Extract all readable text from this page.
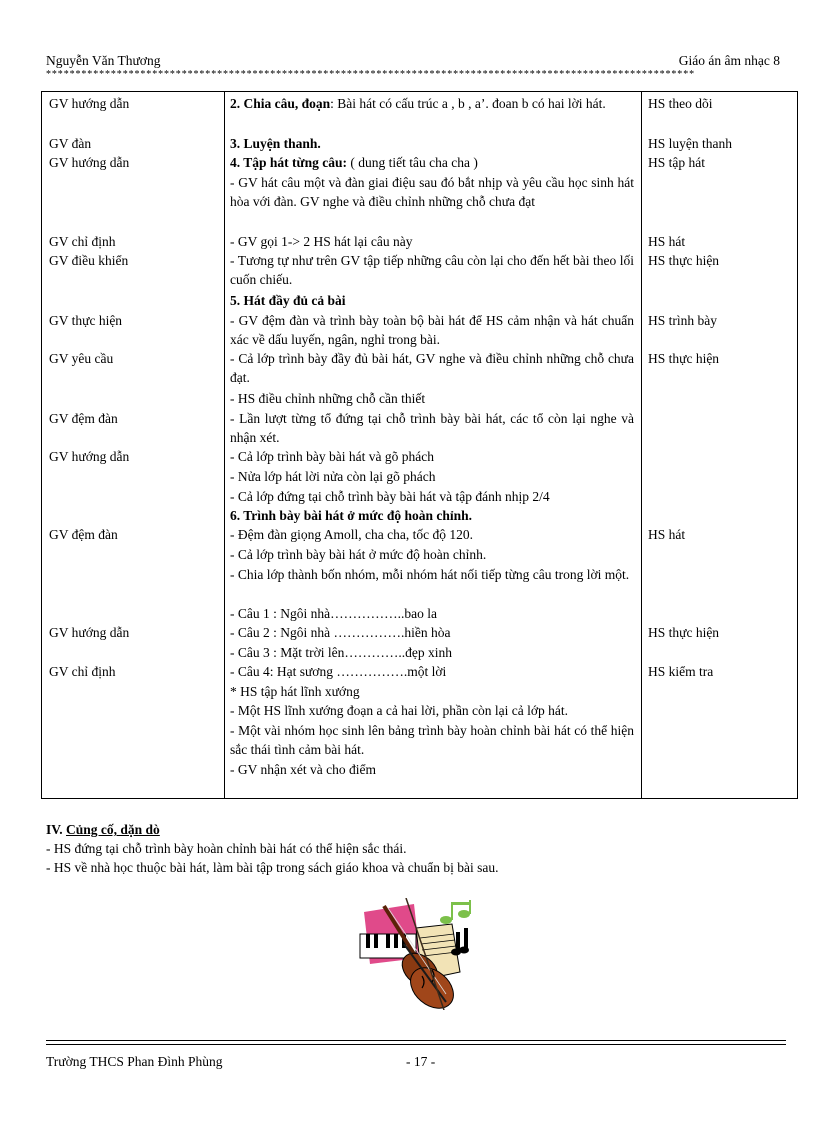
Nguyễn Văn Thương	Giáo án âm nhạc 8
**************************************************************************************************************
GV hướng dẫn
GV đàn
GV hướng dẫn
GV chỉ định
GV điều khiển
GV thực hiện
GV yêu cầu
GV đệm đàn
GV hướng dẫn
GV đệm đàn
GV hướng dẫn
GV chỉ định
2. Chia câu, đoạn: Bài hát có cấu trúc a , b , a’. đoan b có hai lời hát.
3. Luyện thanh.
4. Tập hát từng câu: ( dung tiết tâu cha cha )
- GV hát câu một và đàn giai điệu sau đó bắt nhịp và yêu cầu học sinh hát hòa với đàn. GV nghe và điều chỉnh những chỗ chưa đạt
- GV gọi 1-> 2 HS hát lại câu này
- Tương tự như trên GV tập tiếp những câu còn lại cho đến hết bài theo lối cuốn chiếu.
5. Hát đầy đủ cả bài
- GV đệm đàn và trình bày toàn bộ bài hát để HS cảm nhận và hát chuẩn xác về dấu luyến, ngân, nghỉ trong bài.
- Cả lớp trình bày đầy đủ bài hát, GV nghe và điều chỉnh những chỗ chưa đạt.
- HS điều chỉnh những chỗ cần thiết
- Lần lượt từng tổ đứng tại chỗ trình bày bài hát, các tổ còn lại nghe và nhận xét.
- Cả lớp trình bày bài hát và gõ phách
- Nửa lớp hát lời nửa còn lại gõ phách
- Cả lớp đứng tại chỗ trình bày bài hát và tập đánh nhịp 2/4
6. Trình bày bài hát ở mức độ hoàn chỉnh.
- Đệm đàn giọng Amoll, cha cha, tốc độ 120.
- Cả lớp trình bày bài hát ở mức độ hoàn chỉnh.
- Chia lớp thành bốn nhóm, mỗi nhóm hát nối tiếp từng câu trong lời một.
- Câu 1 : Ngôi nhà……………..bao la
- Câu 2 : Ngôi nhà …………….hiền hòa
- Câu 3 : Mặt trời lên…………..đẹp xinh
- Câu 4: Hạt sương …………….một lời
* HS tập hát lĩnh xướng
- Một HS lĩnh xướng đoạn a cả hai lời, phần còn lại cả lớp hát.
- Một vài nhóm học sinh lên bảng trình bày hoàn chỉnh bài hát có thể hiện sắc thái tình cảm bài hát.
- GV nhận xét và cho điểm
HS theo dõi
HS luyện thanh
HS tập hát
HS hát
HS thực hiện
HS trình bày
HS thực hiện
HS hát
HS thực hiện
HS kiểm tra
IV. Củng cố, dặn dò
- HS đứng tại chỗ trình bày hoàn chỉnh bài hát có thể hiện sắc thái.
- HS về nhà học thuộc bài hát, làm bài tập trong sách giáo khoa và chuẩn bị bài sau.
Trường THCS Phan Đình Phùng	- 17 -
